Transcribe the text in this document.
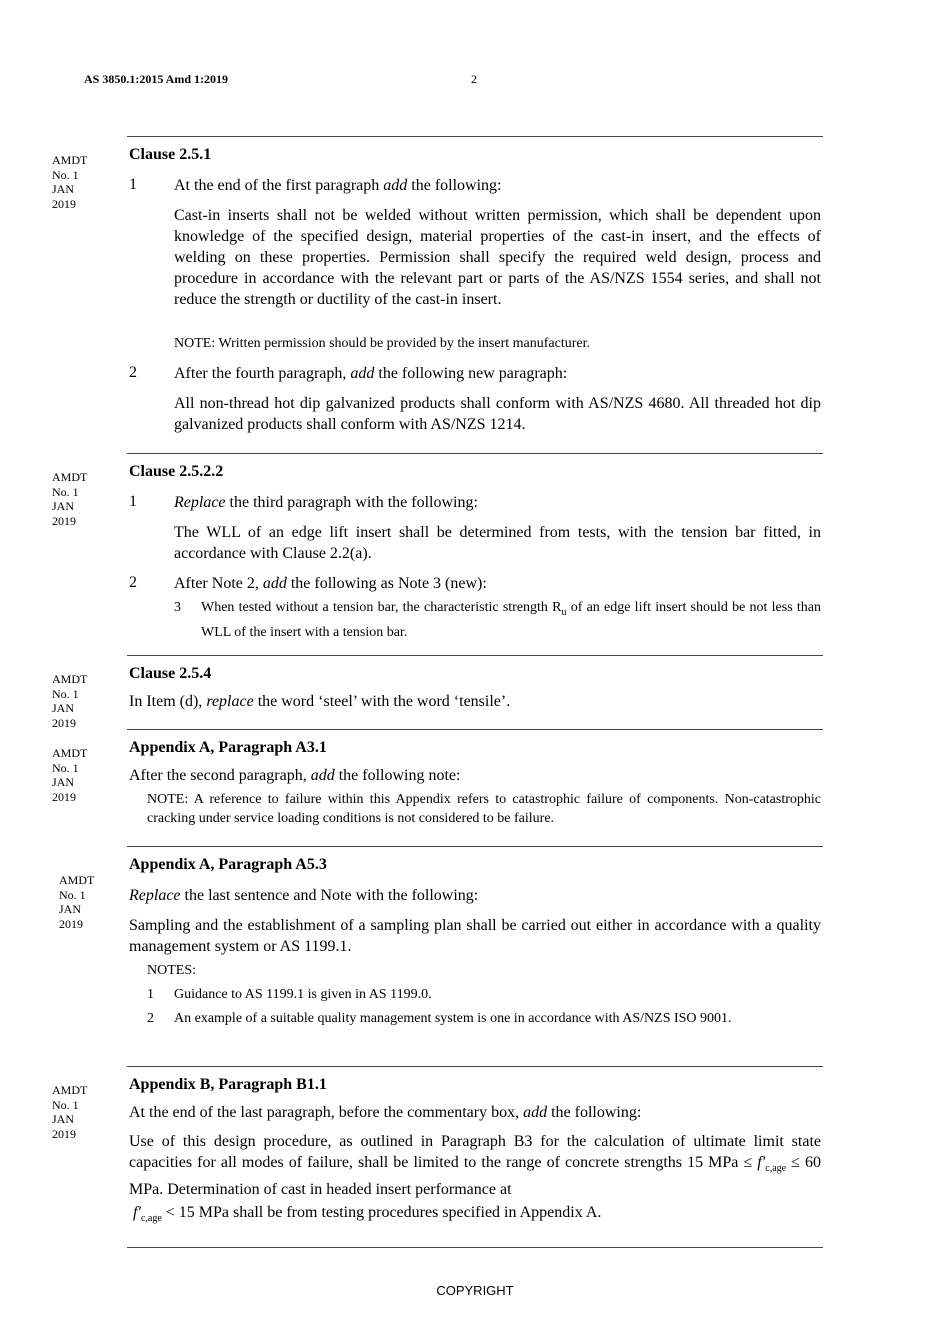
AS 3850.1:2015 Amd 1:2019	2
AMDT
No. 1
JAN
2019
Clause 2.5.1
1 At the end of the first paragraph add the following:
Cast-in inserts shall not be welded without written permission, which shall be dependent upon knowledge of the specified design, material properties of the cast-in insert, and the effects of welding on these properties. Permission shall specify the required weld design, process and procedure in accordance with the relevant part or parts of the AS/NZS 1554 series, and shall not reduce the strength or ductility of the cast-in insert.
NOTE: Written permission should be provided by the insert manufacturer.
2 After the fourth paragraph, add the following new paragraph:
All non-thread hot dip galvanized products shall conform with AS/NZS 4680. All threaded hot dip galvanized products shall conform with AS/NZS 1214.
AMDT
No. 1
JAN
2019
Clause 2.5.2.2
1 Replace the third paragraph with the following:
The WLL of an edge lift insert shall be determined from tests, with the tension bar fitted, in accordance with Clause 2.2(a).
2 After Note 2, add the following as Note 3 (new):
3	When tested without a tension bar, the characteristic strength $R_u$ of an edge lift insert should be not less than WLL of the insert with a tension bar.
AMDT
No. 1
JAN
2019
Clause 2.5.4
In Item (d), replace the word ‘steel’ with the word ‘tensile’.
AMDT
No. 1
JAN
2019
Appendix A, Paragraph A3.1
After the second paragraph, add the following note:
NOTE: A reference to failure within this Appendix refers to catastrophic failure of components. Non-catastrophic cracking under service loading conditions is not considered to be failure.
AMDT
No. 1
JAN
2019
Appendix A, Paragraph A5.3
Replace the last sentence and Note with the following:
Sampling and the establishment of a sampling plan shall be carried out either in accordance with a quality management system or AS 1199.1.
NOTES:
1	Guidance to AS 1199.1 is given in AS 1199.0.
2	An example of a suitable quality management system is one in accordance with AS/NZS ISO 9001.
AMDT
No. 1
JAN
2019
Appendix B, Paragraph B1.1
At the end of the last paragraph, before the commentary box, add the following:
Use of this design procedure, as outlined in Paragraph B3 for the calculation of ultimate limit state capacities for all modes of failure, shall be limited to the range of concrete strengths 15 MPa ≤ $f'_{c,age} \le 60$ MPa. Determination of cast in headed insert performance at
$f'_{c,age} < 15$ MPa shall be from testing procedures specified in Appendix A.
COPYRIGHT
